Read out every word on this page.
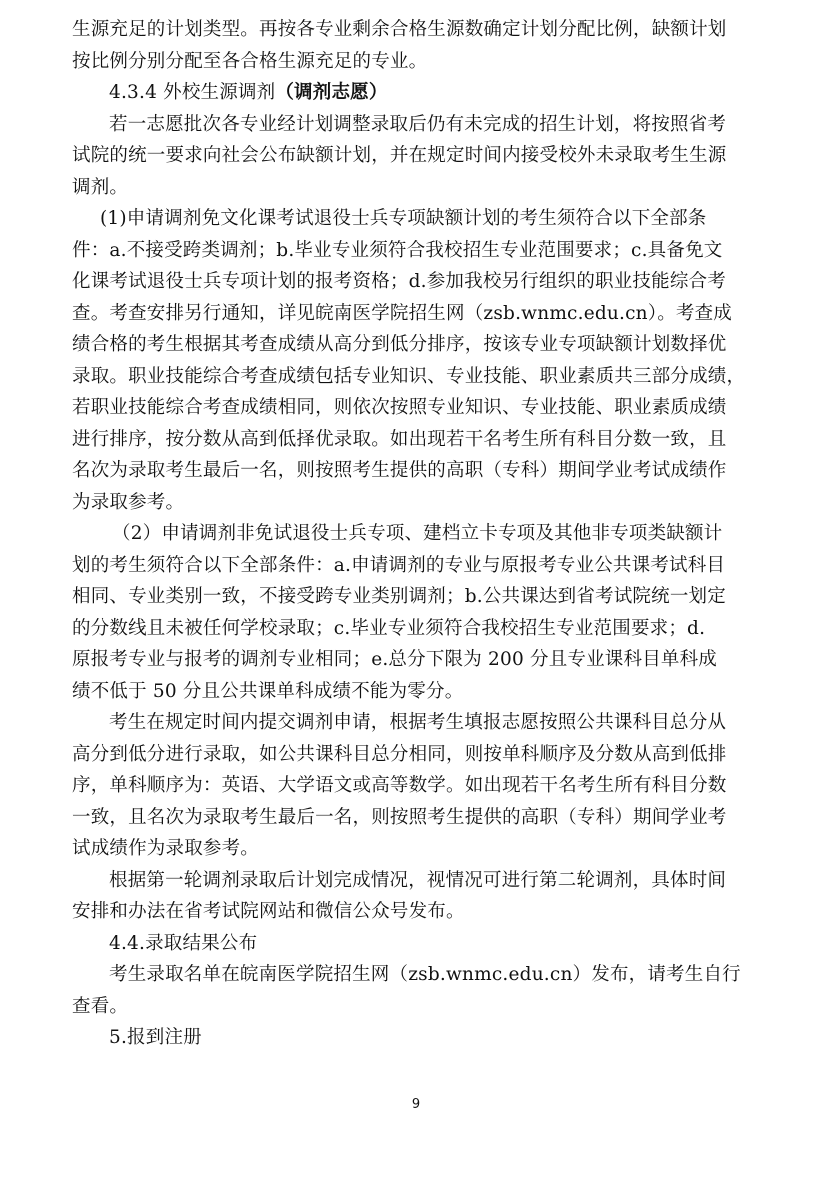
生源充足的计划类型。再按各专业剩余合格生源数确定计划分配比例，缺额计划
按比例分别分配至各合格生源充足的专业。
4.3.4 外校生源调剂（调剂志愿）
若一志愿批次各专业经计划调整录取后仍有未完成的招生计划，将按照省考
试院的统一要求向社会公布缺额计划，并在规定时间内接受校外未录取考生生源
调剂。
(1)申请调剂免文化课考试退役士兵专项缺额计划的考生须符合以下全部条
件：a.不接受跨类调剂；b.毕业专业须符合我校招生专业范围要求；c.具备免文
化课考试退役士兵专项计划的报考资格；d.参加我校另行组织的职业技能综合考
查。考查安排另行通知，详见皖南医学院招生网（zsb.wnmc.edu.cn）。考查成
绩合格的考生根据其考查成绩从高分到低分排序，按该专业专项缺额计划数择优
录取。职业技能综合考查成绩包括专业知识、专业技能、职业素质共三部分成绩，
若职业技能综合考查成绩相同，则依次按照专业知识、专业技能、职业素质成绩
进行排序，按分数从高到低择优录取。如出现若干名考生所有科目分数一致，且
名次为录取考生最后一名，则按照考生提供的高职（专科）期间学业考试成绩作
为录取参考。
（2）申请调剂非免试退役士兵专项、建档立卡专项及其他非专项类缺额计
划的考生须符合以下全部条件：a.申请调剂的专业与原报考专业公共课考试科目
相同、专业类别一致，不接受跨专业类别调剂；b.公共课达到省考试院统一划定
的分数线且未被任何学校录取；c.毕业专业须符合我校招生专业范围要求；d.
原报考专业与报考的调剂专业相同；e.总分下限为 200 分且专业课科目单科成
绩不低于 50 分且公共课单科成绩不能为零分。
考生在规定时间内提交调剂申请，根据考生填报志愿按照公共课科目总分从
高分到低分进行录取，如公共课科目总分相同，则按单科顺序及分数从高到低排
序，单科顺序为：英语、大学语文或高等数学。如出现若干名考生所有科目分数
一致，且名次为录取考生最后一名，则按照考生提供的高职（专科）期间学业考
试成绩作为录取参考。
根据第一轮调剂录取后计划完成情况，视情况可进行第二轮调剂，具体时间
安排和办法在省考试院网站和微信公众号发布。
4.4.录取结果公布
考生录取名单在皖南医学院招生网（zsb.wnmc.edu.cn）发布，请考生自行
查看。
5.报到注册
9
